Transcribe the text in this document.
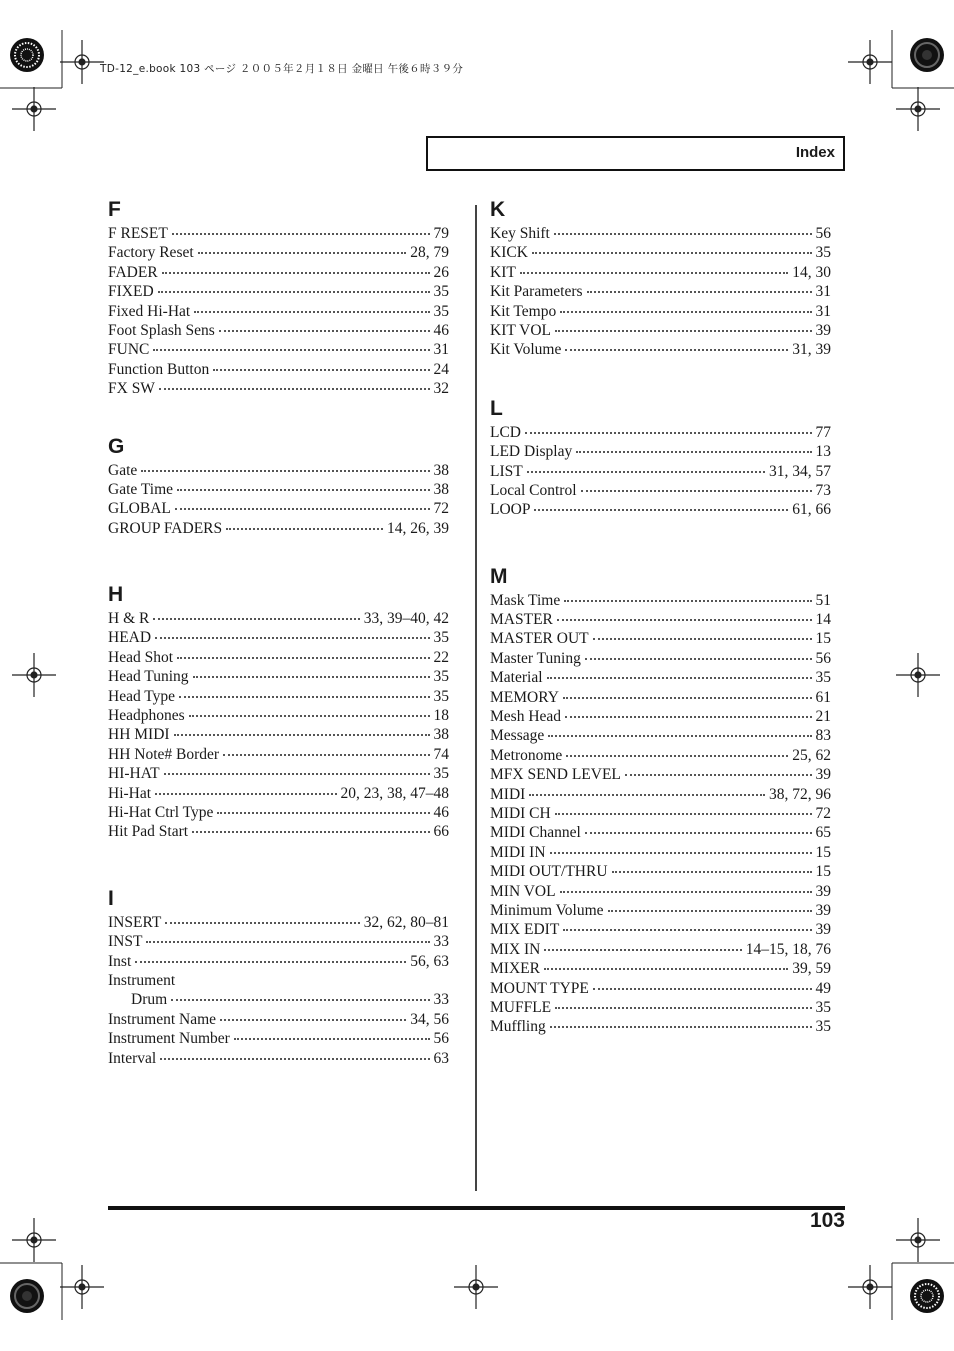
TD-12_e.book 103 ページ ２００５年２月１８日 金曜日 午後６時３９分
Index
F
F RESET	79
Factory Reset	28, 79
FADER	26
FIXED	35
Fixed Hi-Hat	35
Foot Splash Sens	46
FUNC	31
Function Button	24
FX SW	32
G
Gate	38
Gate Time	38
GLOBAL	72
GROUP FADERS	14, 26, 39
H
H & R	33, 39–40, 42
HEAD	35
Head Shot	22
Head Tuning	35
Head Type	35
Headphones	18
HH MIDI	38
HH Note# Border	74
HI-HAT	35
Hi-Hat	20, 23, 38, 47–48
Hi-Hat Ctrl Type	46
Hit Pad Start	66
I
INSERT	32, 62, 80–81
INST	33
Inst	56, 63
Instrument
Drum	33
Instrument Name	34, 56
Instrument Number	56
Interval	63
K
Key Shift	56
KICK	35
KIT	14, 30
Kit Parameters	31
Kit Tempo	31
KIT VOL	39
Kit Volume	31, 39
L
LCD	77
LED Display	13
LIST	31, 34, 57
Local Control	73
LOOP	61, 66
M
Mask Time	51
MASTER	14
MASTER OUT	15
Master Tuning	56
Material	35
MEMORY	61
Mesh Head	21
Message	83
Metronome	25, 62
MFX SEND LEVEL	39
MIDI	38, 72, 96
MIDI CH	72
MIDI Channel	65
MIDI IN	15
MIDI OUT/THRU	15
MIN VOL	39
Minimum Volume	39
MIX EDIT	39
MIX IN	14–15, 18, 76
MIXER	39, 59
MOUNT TYPE	49
MUFFLE	35
Muffling	35
103
